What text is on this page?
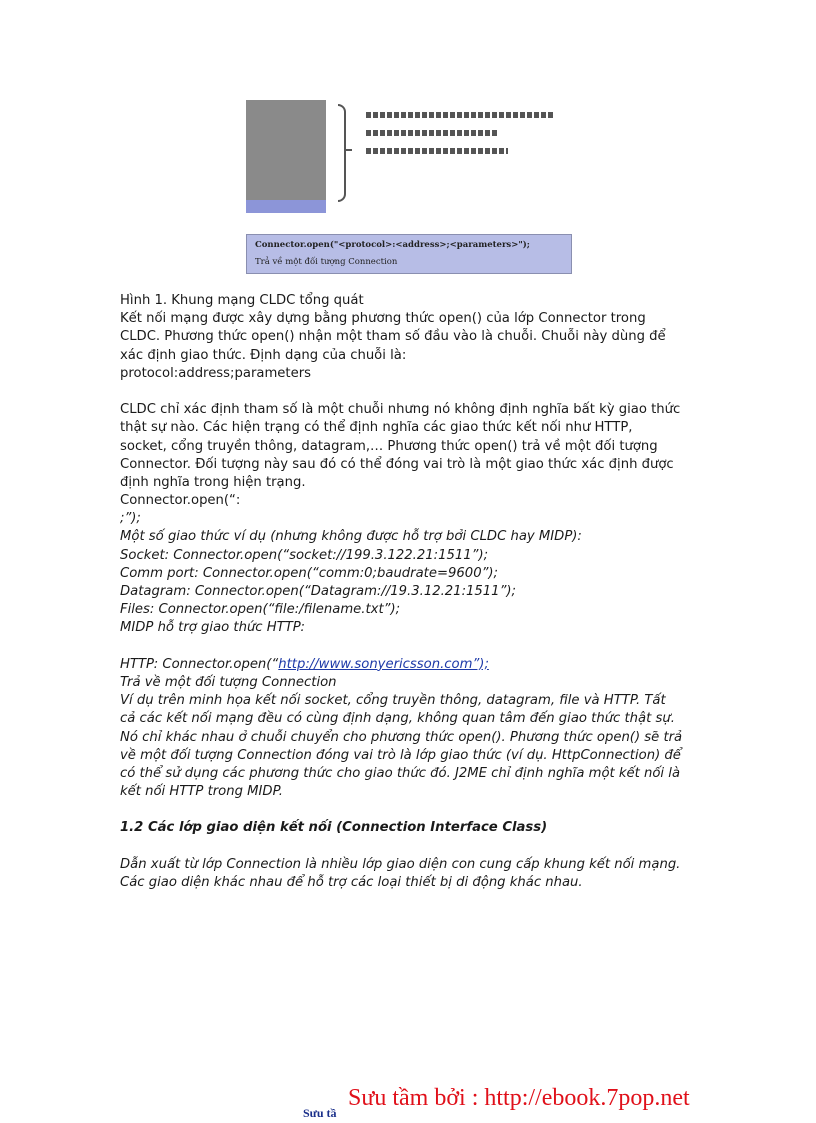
Connector.open("<protocol>:<address>;<parameters>");
Trả về một đối tượng Connection
Hình 1. Khung mạng CLDC tổng quát
Kết nối mạng được xây dựng bằng phương thức open() của lớp Connector trong
CLDC. Phương thức open() nhận một tham số đầu vào là chuỗi. Chuỗi này dùng để
xác định giao thức. Định dạng của chuỗi là:
protocol:address;parameters
CLDC chỉ xác định tham số là một chuỗi nhưng nó không định nghĩa bất kỳ giao thức
thật sự nào. Các hiện trạng có thể định nghĩa các giao thức kết nối như HTTP,
socket, cổng truyền thông, datagram,… Phương thức open() trả về một đối tượng
Connector. Đối tượng này sau đó có thể đóng vai trò là một giao thức xác định được
định nghĩa trong hiện trạng.
Connector.open(“:
;”);
Một số giao thức ví dụ (nhưng không được hỗ trợ bởi CLDC hay MIDP):
Socket: Connector.open(“socket://199.3.122.21:1511”);
Comm port: Connector.open(“comm:0;baudrate=9600”);
Datagram: Connector.open(“Datagram://19.3.12.21:1511”);
Files: Connector.open(“file:/filename.txt”);
MIDP hỗ trợ giao thức HTTP:
HTTP: Connector.open(“http://www.sonyericsson.com”);
Trả về một đối tượng Connection
Ví dụ trên minh họa kết nối socket, cổng truyền thông, datagram, file và HTTP. Tất
cả các kết nối mạng đều có cùng định dạng, không quan tâm đến giao thức thật sự.
Nó chỉ khác nhau ở chuỗi chuyển cho phương thức open(). Phương thức open() sẽ trả
về một đối tượng Connection đóng vai trò là lớp giao thức (ví dụ. HttpConnection) để
có thể sử dụng các phương thức cho giao thức đó. J2ME chỉ định nghĩa một kết nối là
kết nối HTTP trong MIDP.
1.2 Các lớp giao diện kết nối (Connection Interface Class)
Dẫn xuất từ lớp Connection là nhiều lớp giao diện con cung cấp khung kết nối mạng.
Các giao diện khác nhau để hỗ trợ các loại thiết bị di động khác nhau.
Sưu tầ
Sưu tầm bởi : http://ebook.7pop.net
